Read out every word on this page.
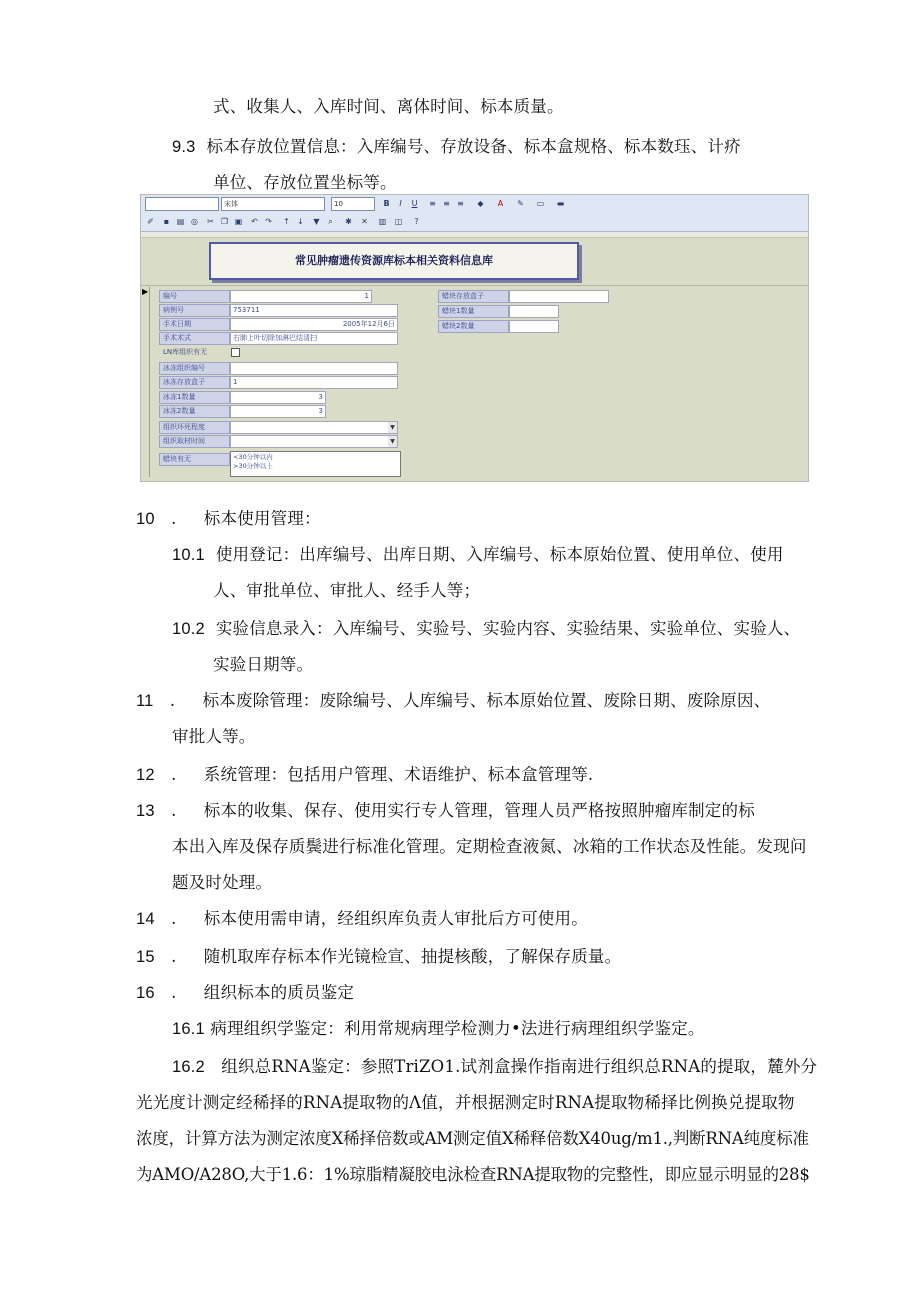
式、收集人、入库时间、离体时间、标本质量。
9.3 标本存放位置信息：入库编号、存放设备、标本盒规格、标本数珏、计疥
单位、存放位置坐标等。
宋体	10	B	I	U	≡ ≡ ≡	◆	A	✎ ▭ ▬
✐	▪ ▤ ◎ ✂ ❐ ▣ ↶ ↷ ↑ ↓	▼	⌕	✱ ✕ ▥ ◫	?
常见肿瘤遗传资源库标本相关资料信息库
▶	编号	1
病例号	753711
手术日期	2005年12月6日
手术术式	右肺上叶切除加淋巴结清扫
LN库组织有无
冰冻组织编号
冰冻存放盒子	1
冰冻1数量	3
冰冻2数量	3
组织坏死程度	▼
组织取材时间	▼
蜡块有无	<30分钟以内
>30分钟以上
蜡块存放盒子
蜡块1数量
蜡块2数量
10 . 标本使用管理：
10.1 使用登记：出库编号、出库日期、入库编号、标本原始位置、使用单位、使用
人、审批单位、审批人、经手人等；
10.2 实验信息录入：入库编号、实验号、实验内容、实验结果、实验单位、实验人、
实验日期等。
11 . 标本废除管理：废除编号、人库编号、标本原始位置、废除日期、废除原因、
审批人等。
12 . 系统管理：包括用户管理、术语维护、标本盒管理等.
13 . 标本的收集、保存、使用实行专人管理，管理人员严格按照肿瘤库制定的标
本出入库及保存质鬓进行标准化管理。定期检查液氮、冰箱的工作状态及性能。发现问
题及时处理。
14 . 标本使用需申请，经组织库负责人审批后方可使用。
15 . 随机取库存标本作光镜检宣、抽提核酸，了解保存质量。
16 . 组织标本的质员鉴定
16.1 病理组织学鉴定：利用常规病理学检测力•法进行病理组织学鉴定。
16.2 组织总RNA鉴定：参照TriZO1.试剂盒操作指南进行组织总RNA的提取，麓外分
光光度计测定经稀择的RNA提取物的Λ值，并根据测定时RNA提取物稀择比例换兑提取物
浓度，计算方法为测定浓度X稀择倍数或AM测定值X稀释倍数X40ug∕m1.,判断RNA纯度标准
为AMO/A28O,大于1.6：1%琼脂精凝胶电泳检查RNA提取物的完整性，即应显示明显的28$
